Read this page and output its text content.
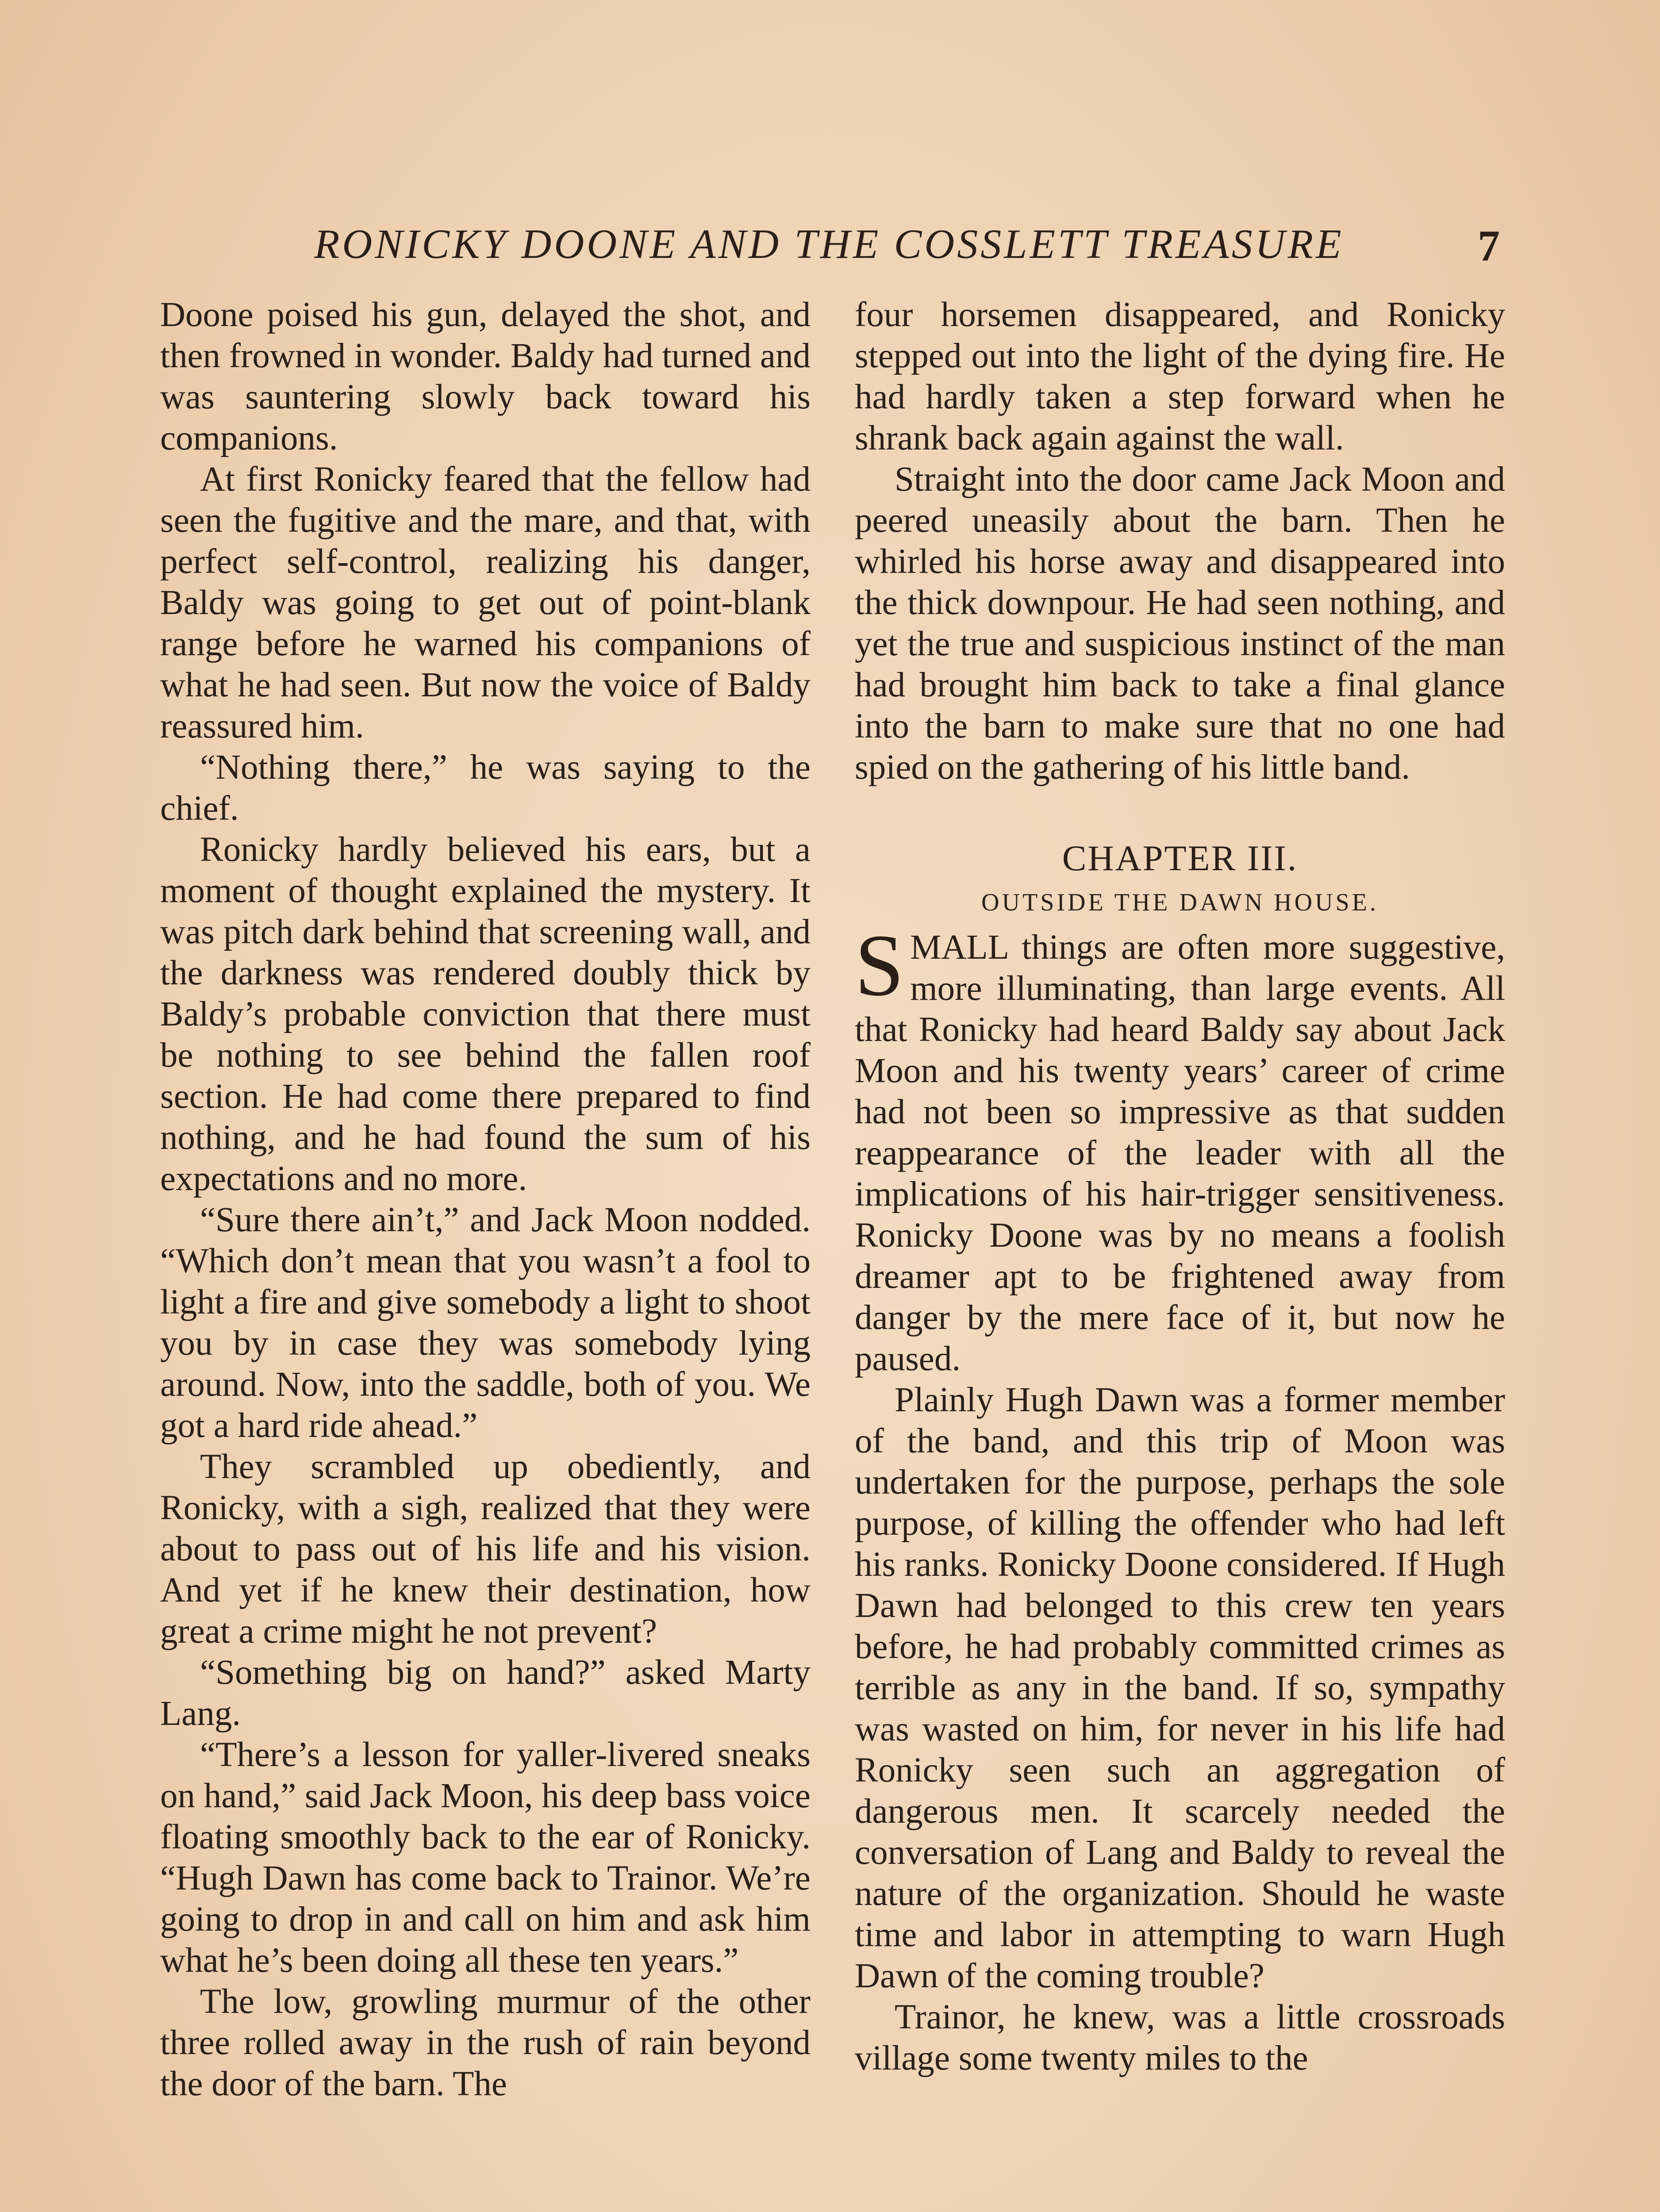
RONICKY DOONE AND THE COSSLETT TREASURE	7

Doone poised his gun, delayed the shot, and then frowned in wonder. Baldy had turned and was sauntering slowly back toward his companions.

At first Ronicky feared that the fellow had seen the fugitive and the mare, and that, with perfect self-control, realizing his danger, Baldy was going to get out of point-blank range before he warned his companions of what he had seen. But now the voice of Baldy reassured him.

“Nothing there,” he was saying to the chief.

Ronicky hardly believed his ears, but a moment of thought explained the mystery. It was pitch dark behind that screening wall, and the darkness was rendered doubly thick by Baldy’s probable conviction that there must be nothing to see behind the fallen roof section. He had come there prepared to find nothing, and he had found the sum of his expectations and no more.

“Sure there ain’t,” and Jack Moon nodded. “Which don’t mean that you wasn’t a fool to light a fire and give somebody a light to shoot you by in case they was somebody lying around. Now, into the saddle, both of you. We got a hard ride ahead.”

They scrambled up obediently, and Ronicky, with a sigh, realized that they were about to pass out of his life and his vision. And yet if he knew their destination, how great a crime might he not prevent?

“Something big on hand?” asked Marty Lang.

“There’s a lesson for yaller-livered sneaks on hand,” said Jack Moon, his deep bass voice floating smoothly back to the ear of Ronicky. “Hugh Dawn has come back to Trainor. We’re going to drop in and call on him and ask him what he’s been doing all these ten years.”

The low, growling murmur of the other three rolled away in the rush of rain beyond the door of the barn. The

four horsemen disappeared, and Ronicky stepped out into the light of the dying fire. He had hardly taken a step forward when he shrank back again against the wall.

Straight into the door came Jack Moon and peered uneasily about the barn. Then he whirled his horse away and disappeared into the thick downpour. He had seen nothing, and yet the true and suspicious instinct of the man had brought him back to take a final glance into the barn to make sure that no one had spied on the gathering of his little band.

CHAPTER III.
OUTSIDE THE DAWN HOUSE.

SMALL things are often more suggestive, more illuminating, than large events. All that Ronicky had heard Baldy say about Jack Moon and his twenty years’ career of crime had not been so impressive as that sudden reappearance of the leader with all the implications of his hair-trigger sensitiveness. Ronicky Doone was by no means a foolish dreamer apt to be frightened away from danger by the mere face of it, but now he paused.

Plainly Hugh Dawn was a former member of the band, and this trip of Moon was undertaken for the purpose, perhaps the sole purpose, of killing the offender who had left his ranks. Ronicky Doone considered. If Hugh Dawn had belonged to this crew ten years before, he had probably committed crimes as terrible as any in the band. If so, sympathy was wasted on him, for never in his life had Ronicky seen such an aggregation of dangerous men. It scarcely needed the conversation of Lang and Baldy to reveal the nature of the organization. Should he waste time and labor in attempting to warn Hugh Dawn of the coming trouble?

Trainor, he knew, was a little crossroads village some twenty miles to the
